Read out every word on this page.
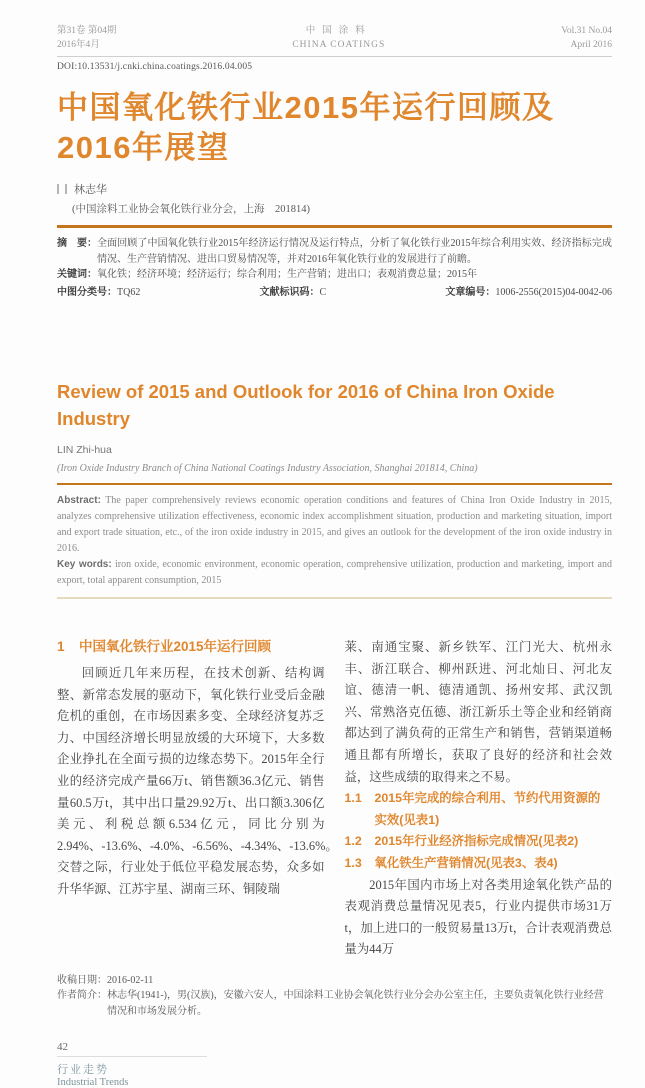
第31卷 第04期
2016年4月
中国涂料
CHINA COATINGS
Vol.31 No.04
April 2016
DOI:10.13531/j.cnki.china.coatings.2016.04.005
中国氧化铁行业2015年运行回顾及
2016年展望
林志华
(中国涂料工业协会氧化铁行业分会，上海　201814)
摘　要： 全面回顾了中国氧化铁行业2015年经济运行情况及运行特点，分析了氧化铁行业2015年综合利用实效、经济指标完成情况、生产营销情况、进出口贸易情况等，并对2016年氧化铁行业的发展进行了前瞻。
关键词： 氧化铁；经济环境；经济运行；综合利用；生产营销；进出口；表观消费总量；2015年
中图分类号：TQ62	文献标识码：C	文章编号：1006-2556(2015)04-0042-06
Review of 2015 and Outlook for 2016 of China Iron Oxide Industry
LIN Zhi-hua
(Iron Oxide Industry Branch of China National Coatings Industry Association, Shanghai 201814, China)

Abstract: The paper comprehensively reviews economic operation conditions and features of China Iron Oxide Industry in 2015, analyzes comprehensive utilization effectiveness, economic index accomplishment situation, production and marketing situation, import and export trade situation, etc., of the iron oxide industry in 2015, and gives an outlook for the development of the iron oxide industry in 2016.

Key words: iron oxide, economic environment, economic operation, comprehensive utilization, production and marketing, import and export, total apparent consumption, 2015

1	中国氧化铁行业2015年运行回顾

回顾近几年来历程，在技术创新、结构调整、新常态发展的驱动下，氧化铁行业受后金融危机的重创，在市场因素多变、全球经济复苏乏力、中国经济增长明显放缓的大环境下，大多数企业挣扎在全面亏损的边缘态势下。2015年全行业的经济完成产量66万t、销售额36.3亿元、销售量60.5万t，其中出口量29.92万t、出口额3.306亿美元、利税总额6.534亿元，同比分别为2.94%、-13.6%、-4.0%、-6.56%、-4.34%、-13.6%。交替之际，行业处于低位平稳发展态势，众多如升华华源、江苏宇星、湖南三环、铜陵瑞

莱、南通宝聚、新乡铁军、江门光大、杭州永丰、浙江联合、柳州跃进、河北灿日、河北友谊、德清一帆、德清通凯、扬州安邦、武汉凯兴、常熟洛克伍德、浙江新乐土等企业和经销商都达到了满负荷的正常生产和销售，营销渠道畅通且都有所增长，获取了良好的经济和社会效益，这些成绩的取得来之不易。

1.1	2015年完成的综合利用、节约代用资源的实效(见表1)
1.2	2015年行业经济指标完成情况(见表2)
1.3	氧化铁生产营销情况(见表3、表4)

2015年国内市场上对各类用途氧化铁产品的表观消费总量情况见表5，行业内提供市场31万t，加上进口的一般贸易量13万t，合计表观消费总量为44万

收稿日期： 2016-02-11
作者简介： 林志华(1941-)，男(汉族)，安徽六安人，中国涂料工业协会氧化铁行业分会办公室主任，主要负责氧化铁行业经营情况和市场发展分析。
42
行业走势
Industrial Trends
